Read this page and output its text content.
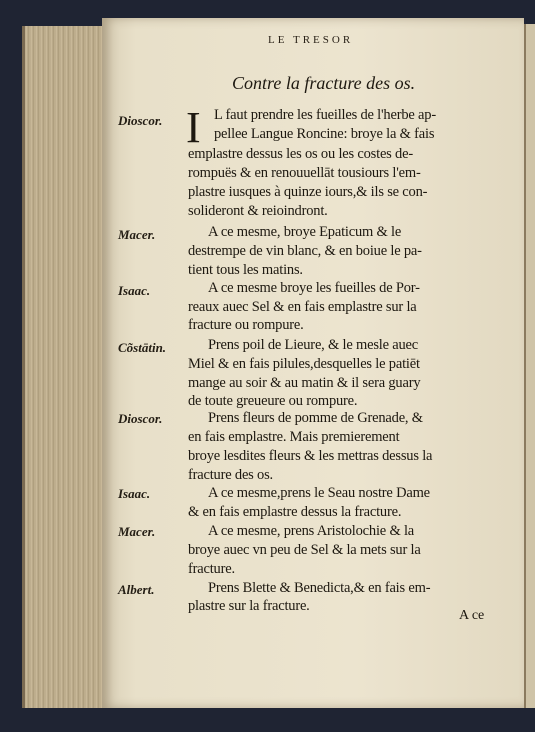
LE TRESOR
Contre la fracture des os.
Dioscor.
Macer.
Isaac.
Cõstātin.
Dioscor.
Isaac.
Macer.
Albert.
I L faut prendre les fueilles de l'herbe ap-
pellee Langue Roncine: broye la & fais
emplastre dessus les os ou les costes de-
rompuës & en renouuellāt tousiours l'em-
plastre iusques à quinze iours,& ils se con-
solideront & reioindront.
A ce mesme, broye Epaticum & le
destrempe de vin blanc, & en boiue le pa-
tient tous les matins.
A ce mesme broye les fueilles de Por-
reaux auec Sel & en fais emplastre sur la
fracture ou rompure.
Prens poil de Lieure, & le mesle auec
Miel & en fais pilules,desquelles le patiēt
mange au soir & au matin & il sera guary
de toute greueure ou rompure.
Prens fleurs de pomme de Grenade, &
en fais emplastre. Mais premierement
broye lesdites fleurs & les mettras dessus la
fracture des os.
A ce mesme,prens le Seau nostre Dame
& en fais emplastre dessus la fracture.
A ce mesme, prens Aristolochie & la
broye auec vn peu de Sel & la mets sur la
fracture.
Prens Blette & Benedicta,& en fais em-
plastre sur la fracture.
A ce
